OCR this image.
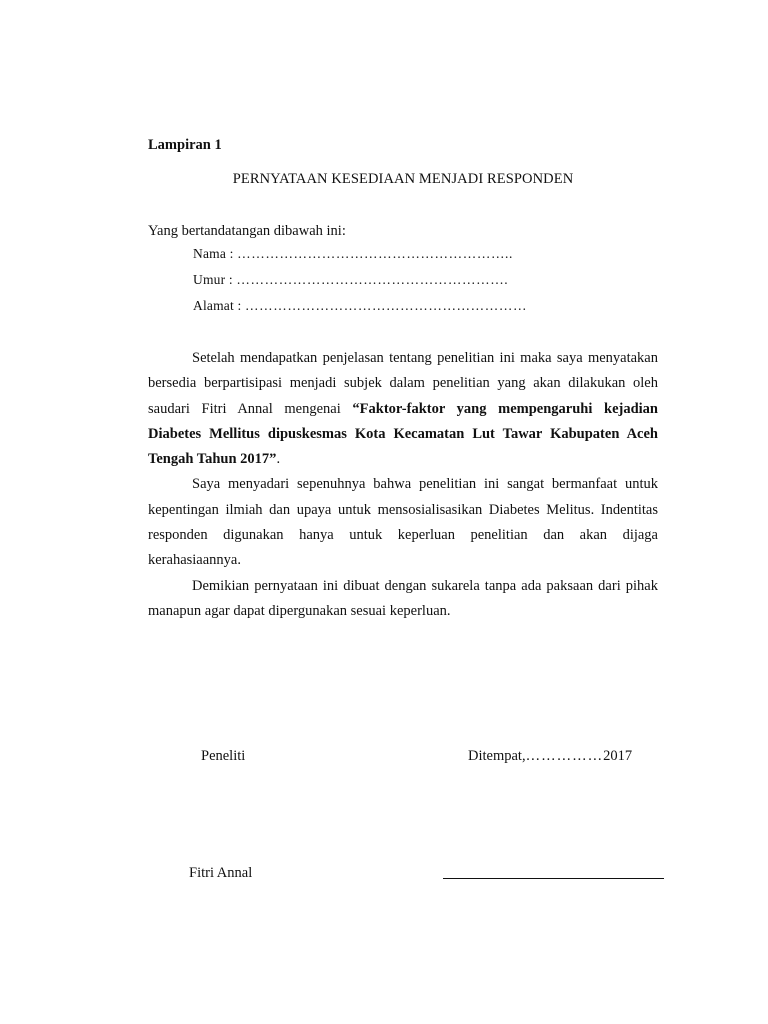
Lampiran 1
PERNYATAAN KESEDIAAN MENJADI RESPONDEN
Yang bertandatangan dibawah ini:
Nama : …………………………………………………..
Umur : ………………………………………………….
Alamat : ……………………………………………………

Setelah mendapatkan penjelasan tentang penelitian ini maka saya menyatakan bersedia berpartisipasi menjadi subjek dalam penelitian yang akan dilakukan oleh saudari Fitri Annal mengenai “Faktor-faktor yang mempengaruhi kejadian Diabetes Mellitus dipuskesmas Kota Kecamatan Lut Tawar Kabupaten Aceh Tengah Tahun 2017”.

Saya menyadari sepenuhnya bahwa penelitian ini sangat bermanfaat untuk kepentingan ilmiah dan upaya untuk mensosialisasikan Diabetes Melitus. Indentitas responden digunakan hanya untuk keperluan penelitian dan akan dijaga kerahasiaannya.

Demikian pernyataan ini dibuat dengan sukarela tanpa ada paksaan dari pihak manapun agar dapat dipergunakan sesuai keperluan.

Peneliti	Ditempat,……………2017
Fitri Annal
